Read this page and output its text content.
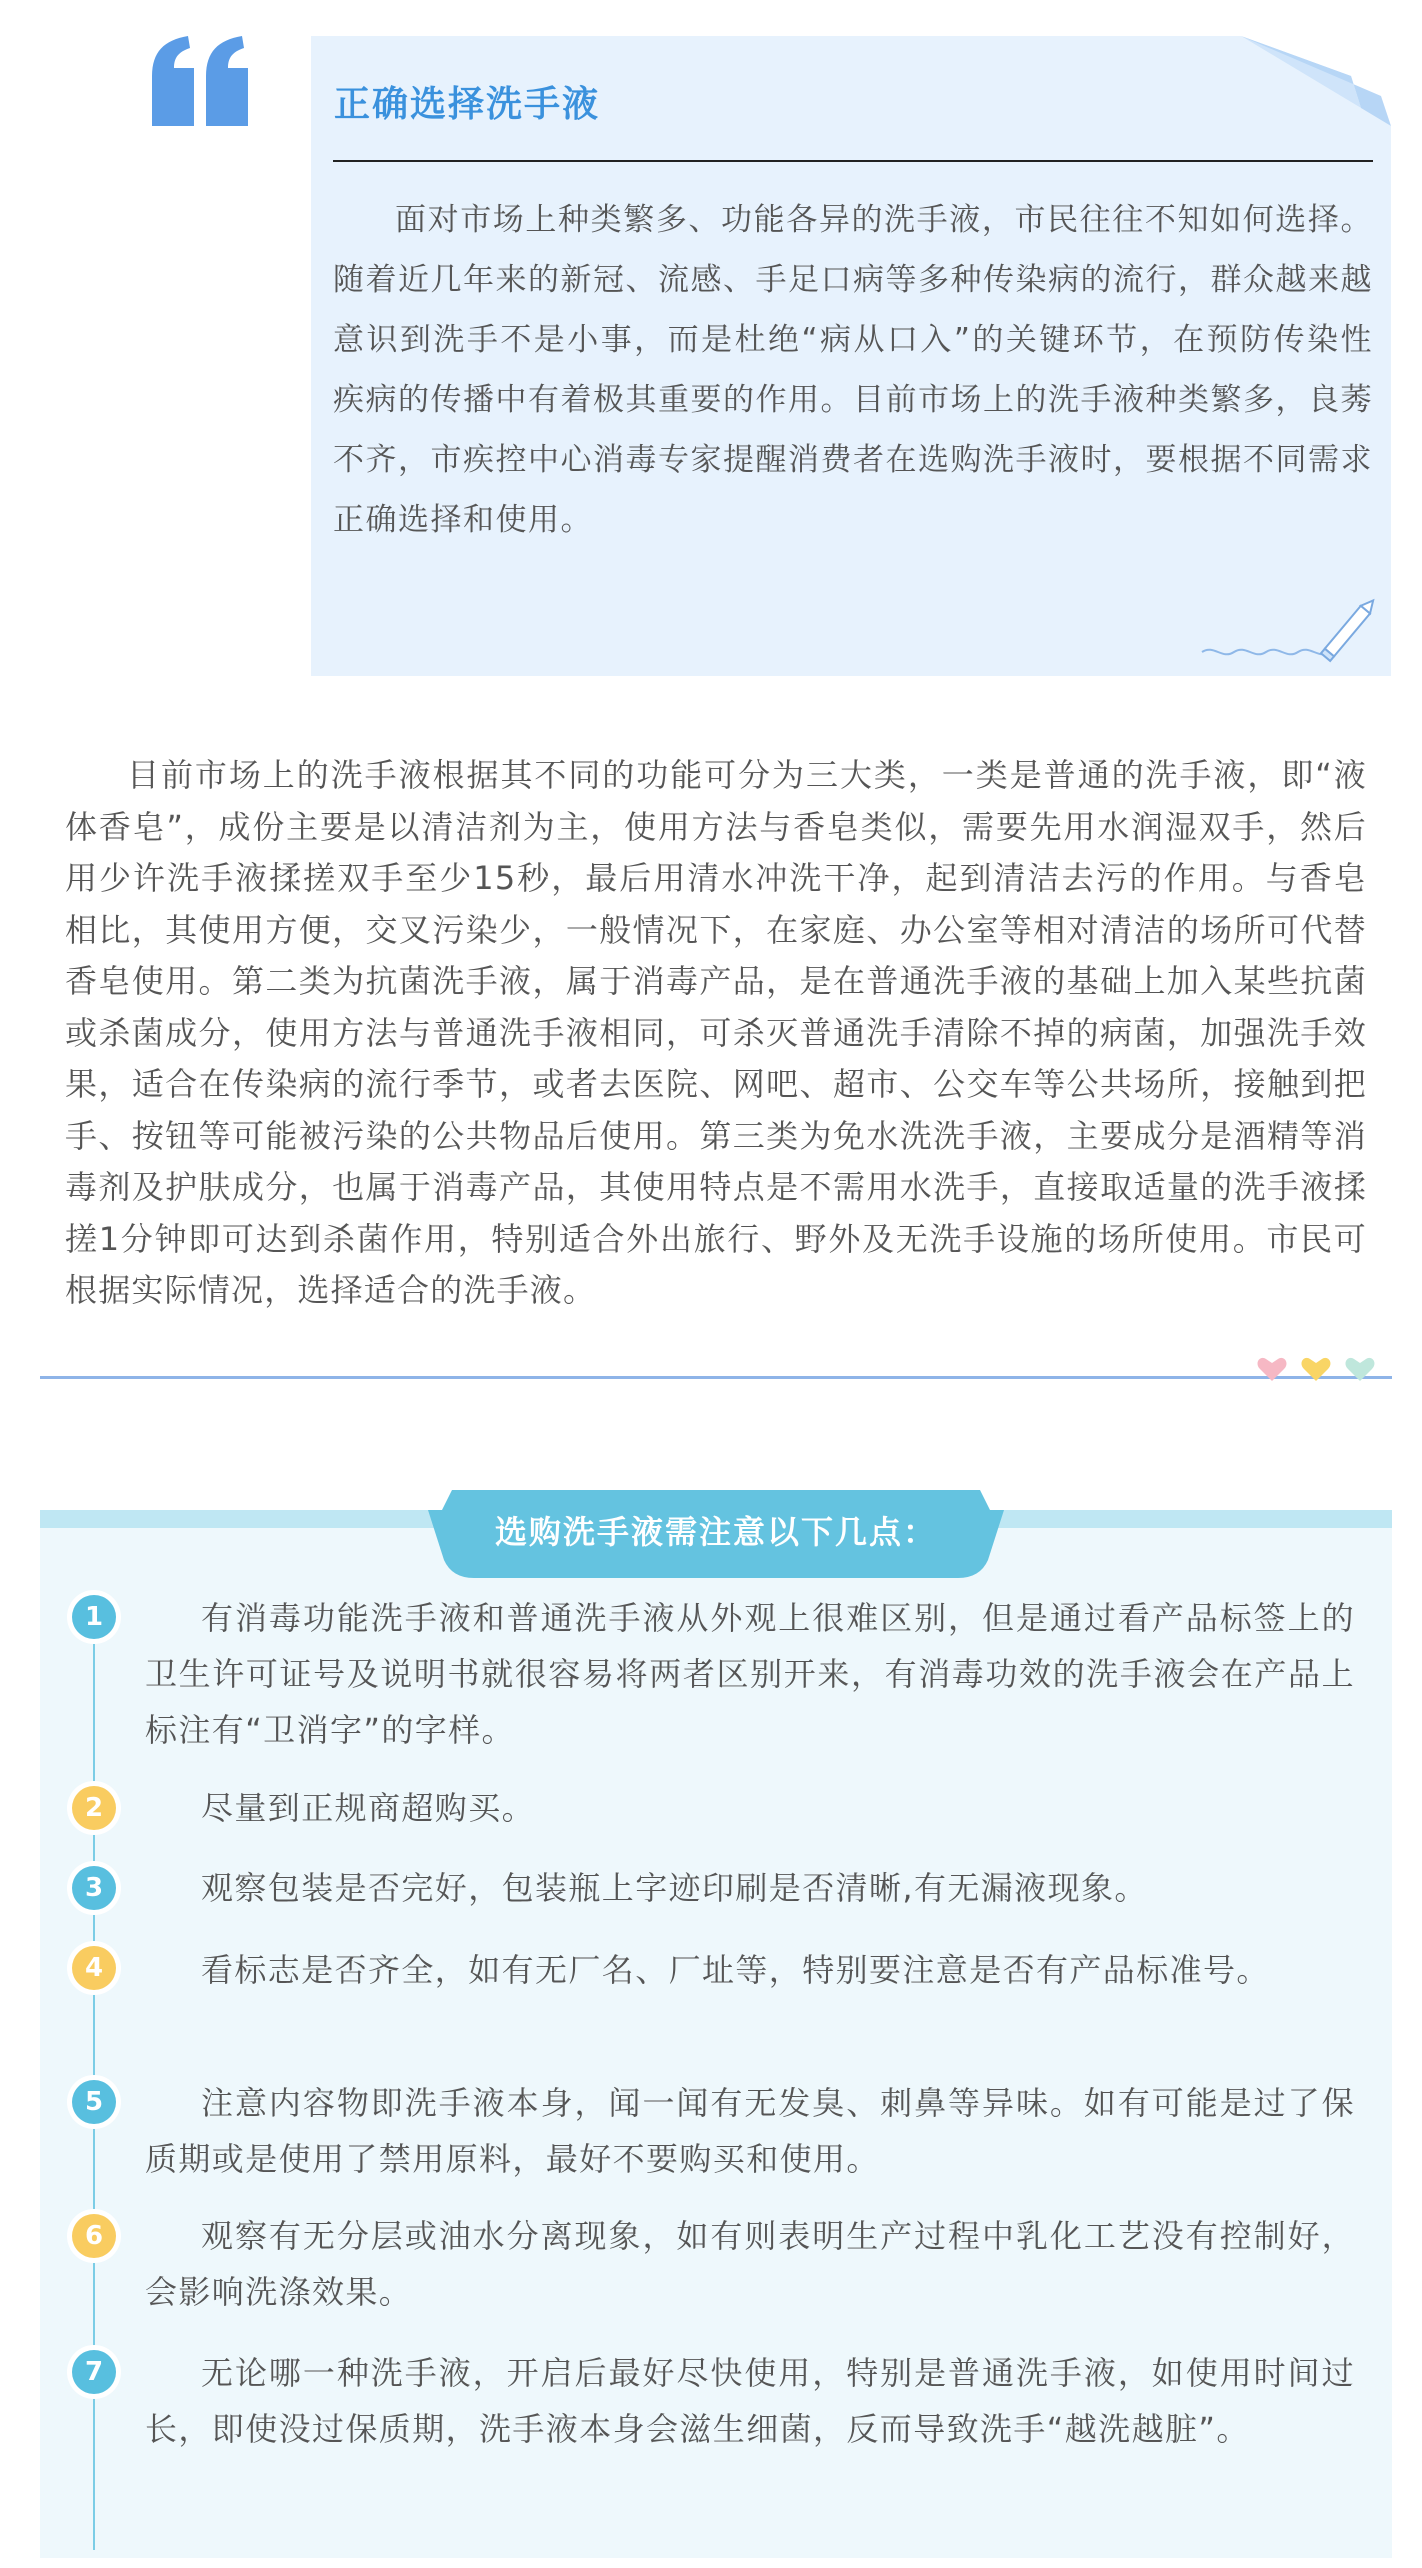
正确选择洗手液

面对市场上种类繁多、功能各异的洗手液，市民往往不知如何选择。随着近几年来的新冠、流感、手足口病等多种传染病的流行，群众越来越意识到洗手不是小事，而是杜绝“病从口入”的关键环节，在预防传染性疾病的传播中有着极其重要的作用。目前市场上的洗手液种类繁多，良莠不齐，市疾控中心消毒专家提醒消费者在选购洗手液时，要根据不同需求正确选择和使用。

目前市场上的洗手液根据其不同的功能可分为三大类，一类是普通的洗手液，即“液体香皂”，成份主要是以清洁剂为主，使用方法与香皂类似，需要先用水润湿双手，然后用少许洗手液揉搓双手至少15秒，最后用清水冲洗干净，起到清洁去污的作用。与香皂相比，其使用方便，交叉污染少，一般情况下，在家庭、办公室等相对清洁的场所可代替香皂使用。第二类为抗菌洗手液，属于消毒产品，是在普通洗手液的基础上加入某些抗菌或杀菌成分，使用方法与普通洗手液相同，可杀灭普通洗手清除不掉的病菌，加强洗手效果，适合在传染病的流行季节，或者去医院、网吧、超市、公交车等公共场所，接触到把手、按钮等可能被污染的公共物品后使用。第三类为免水洗洗手液，主要成分是酒精等消毒剂及护肤成分，也属于消毒产品，其使用特点是不需用水洗手，直接取适量的洗手液揉搓1分钟即可达到杀菌作用，特别适合外出旅行、野外及无洗手设施的场所使用。市民可根据实际情况，选择适合的洗手液。

选购洗手液需注意以下几点：
1	有消毒功能洗手液和普通洗手液从外观上很难区别，但是通过看产品标签上的卫生许可证号及说明书就很容易将两者区别开来，有消毒功效的洗手液会在产品上标注有“卫消字”的字样。

2	尽量到正规商超购买。

3	观察包装是否完好，包装瓶上字迹印刷是否清晰,有无漏液现象。

4	看标志是否齐全，如有无厂名、厂址等，特别要注意是否有产品标准号。

5	注意内容物即洗手液本身，闻一闻有无发臭、刺鼻等异味。如有可能是过了保质期或是使用了禁用原料，最好不要购买和使用。

6	观察有无分层或油水分离现象，如有则表明生产过程中乳化工艺没有控制好，会影响洗涤效果。

7	无论哪一种洗手液，开启后最好尽快使用，特别是普通洗手液，如使用时间过长，即使没过保质期，洗手液本身会滋生细菌，反而导致洗手“越洗越脏”。
